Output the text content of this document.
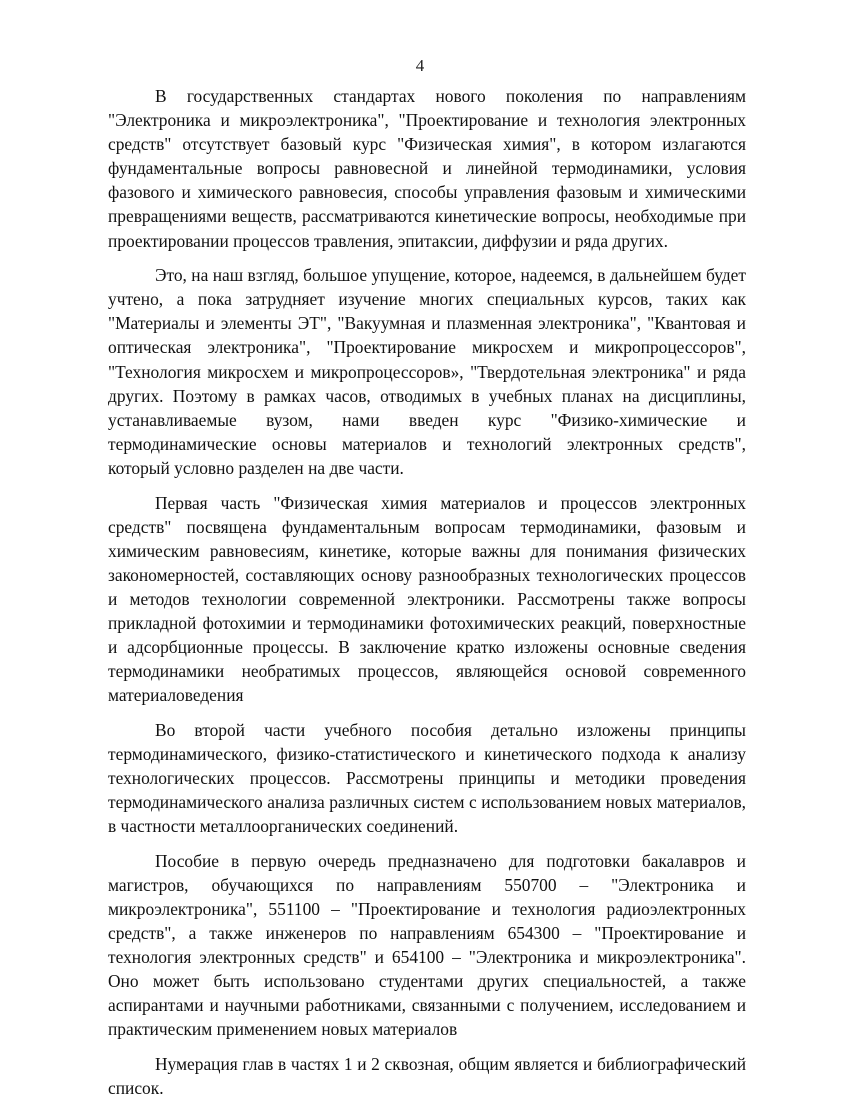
4

В государственных стандартах нового поколения по направлениям "Электроника и микроэлектроника", "Проектирование и технология электронных средств" отсутствует базовый курс "Физическая химия", в котором излагаются фундаментальные вопросы равновесной и линейной термодинамики, условия фазового и химического равновесия, способы управления фазовым и химическими превращениями веществ, рассматриваются кинетические вопросы, необходимые при проектировании процессов травления, эпитаксии, диффузии и ряда других.

Это, на наш взгляд, большое упущение, которое, надеемся, в дальнейшем будет учтено, а пока затрудняет изучение многих специальных курсов, таких как "Материалы и элементы ЭТ", "Вакуумная и плазменная электроника", "Квантовая и оптическая электроника", "Проектирование микросхем и микропроцессоров", "Технология микросхем и микропроцессоров», "Твердотельная электроника" и ряда других. Поэтому в рамках часов, отводимых в учебных планах на дисциплины, устанавливаемые вузом, нами введен курс "Физико-химические и термодинамические основы материалов и технологий электронных средств", который условно разделен на две части.

Первая часть "Физическая химия материалов и процессов электронных средств" посвящена фундаментальным вопросам термодинамики, фазовым и химическим равновесиям, кинетике, которые важны для понимания физических закономерностей, составляющих основу разнообразных технологических процессов и методов технологии современной электроники. Рассмотрены также вопросы прикладной фотохимии и термодинамики фотохимических реакций, поверхностные и адсорбционные процессы. В заключение кратко изложены основные сведения термодинамики необратимых процессов, являющейся основой современного материаловедения

Во второй части учебного пособия детально изложены принципы термодинамического, физико-статистического и кинетического подхода к анализу технологических процессов. Рассмотрены принципы и методики проведения термодинамического анализа различных систем с использованием новых материалов, в частности металлоорганических соединений.

Пособие в первую очередь предназначено для подготовки бакалавров и магистров, обучающихся по направлениям 550700 – "Электроника и микроэлектроника", 551100 – "Проектирование и технология радиоэлектронных средств", а также инженеров по направлениям 654300 – "Проектирование и технология электронных средств" и 654100 – "Электроника и микроэлектроника". Оно может быть использовано студентами других специальностей, а также аспирантами и научными работниками, связанными с получением, исследованием и практическим применением новых материалов

Нумерация глав в частях 1 и 2 сквозная, общим является и библиографический список.
